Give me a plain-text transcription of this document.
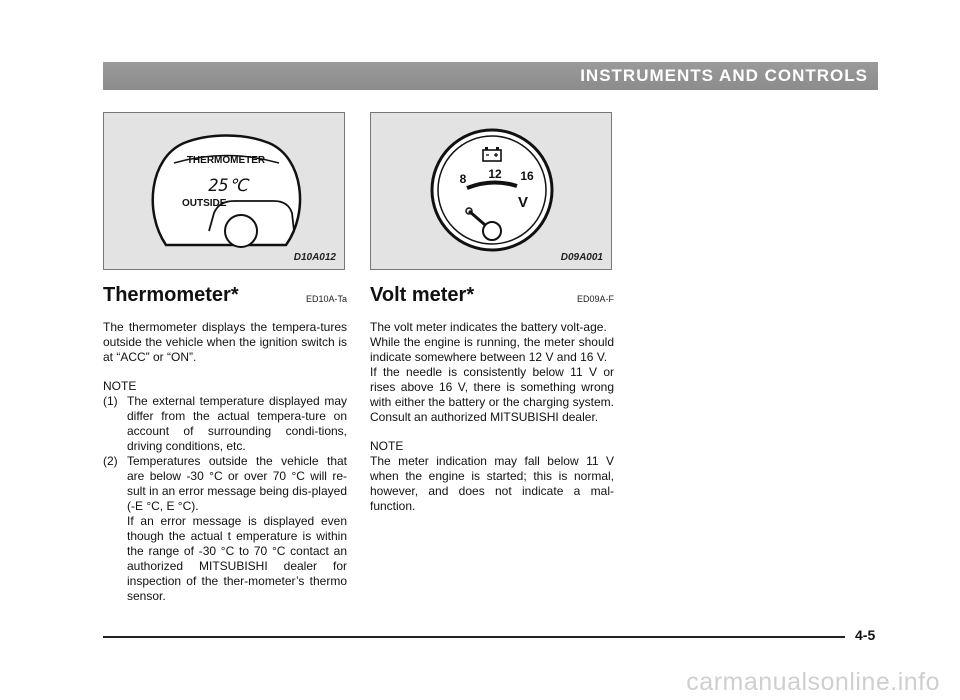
INSTRUMENTS AND CONTROLS
THERMOMETER
OUTSIDE
25℃
D10A012
8 12 16
V
D09A001
Thermometer*	ED10A-Ta

The thermometer displays the tempera-tures outside the vehicle when the ignition switch is at “ACC” or “ON”.

NOTE

(1) The external temperature displayed may differ from the actual tempera-ture on account of surrounding condi-tions, driving conditions, etc.
(2) Temperatures outside the vehicle that are below -30 °C or over 70 °C will re-sult in an error message being dis-played (-E °C, E °C).
If an error message is displayed even though the actual t emperature is within the range of -30 °C to 70 °C contact an authorized MITSUBISHI dealer for inspection of the ther-mometer’s thermo sensor.
Volt meter*	ED09A-F

The volt meter indicates the battery volt-age.

While the engine is running, the meter should indicate somewhere between 12 V and 16 V.

If the needle is consistently below 11 V or rises above 16 V, there is something wrong with either the battery or the charging system. Consult an authorized MITSUBISHI dealer.

NOTE

The meter indication may fall below 11 V when the engine is started; this is normal, however, and does not indicate a mal-function.

4-5
carmanualsonline.info
